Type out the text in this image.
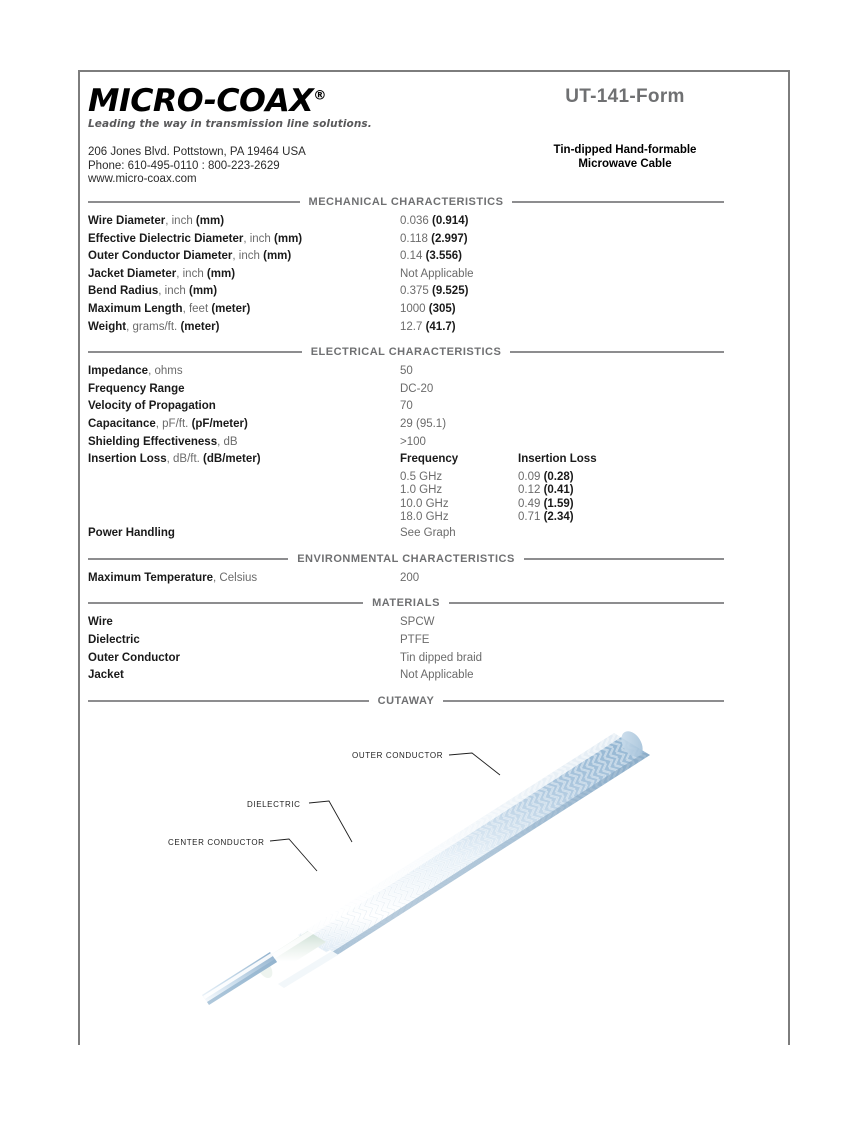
MICRO-COAX®
Leading the way in transmission line solutions.
206 Jones Blvd. Pottstown, PA 19464 USA
Phone: 610-495-0110 : 800-223-2629
www.micro-coax.com
UT-141-Form
Tin-dipped Hand-formable
Microwave Cable
MECHANICAL CHARACTERISTICS
Wire Diameter, inch (mm)	0.036 (0.914)
Effective Dielectric Diameter, inch (mm)	0.118 (2.997)
Outer Conductor Diameter, inch (mm)	0.14 (3.556)
Jacket Diameter, inch (mm)	Not Applicable
Bend Radius, inch (mm)	0.375 (9.525)
Maximum Length, feet (meter)	1000 (305)
Weight, grams/ft. (meter)	12.7 (41.7)
ELECTRICAL CHARACTERISTICS
Impedance, ohms	50
Frequency Range	DC-20
Velocity of Propagation	70
Capacitance, pF/ft. (pF/meter)	29 (95.1)
Shielding Effectiveness, dB	>100
Insertion Loss, dB/ft. (dB/meter)	Frequency	Insertion Loss
0.5 GHz	0.09 (0.28)
1.0 GHz	0.12 (0.41)
10.0 GHz	0.49 (1.59)
18.0 GHz	0.71 (2.34)
Power Handling	See Graph
ENVIRONMENTAL CHARACTERISTICS
Maximum Temperature, Celsius	200
MATERIALS
Wire	SPCW
Dielectric	PTFE
Outer Conductor	Tin dipped braid
Jacket	Not Applicable
CUTAWAY
OUTER CONDUCTOR
DIELECTRIC
CENTER CONDUCTOR
